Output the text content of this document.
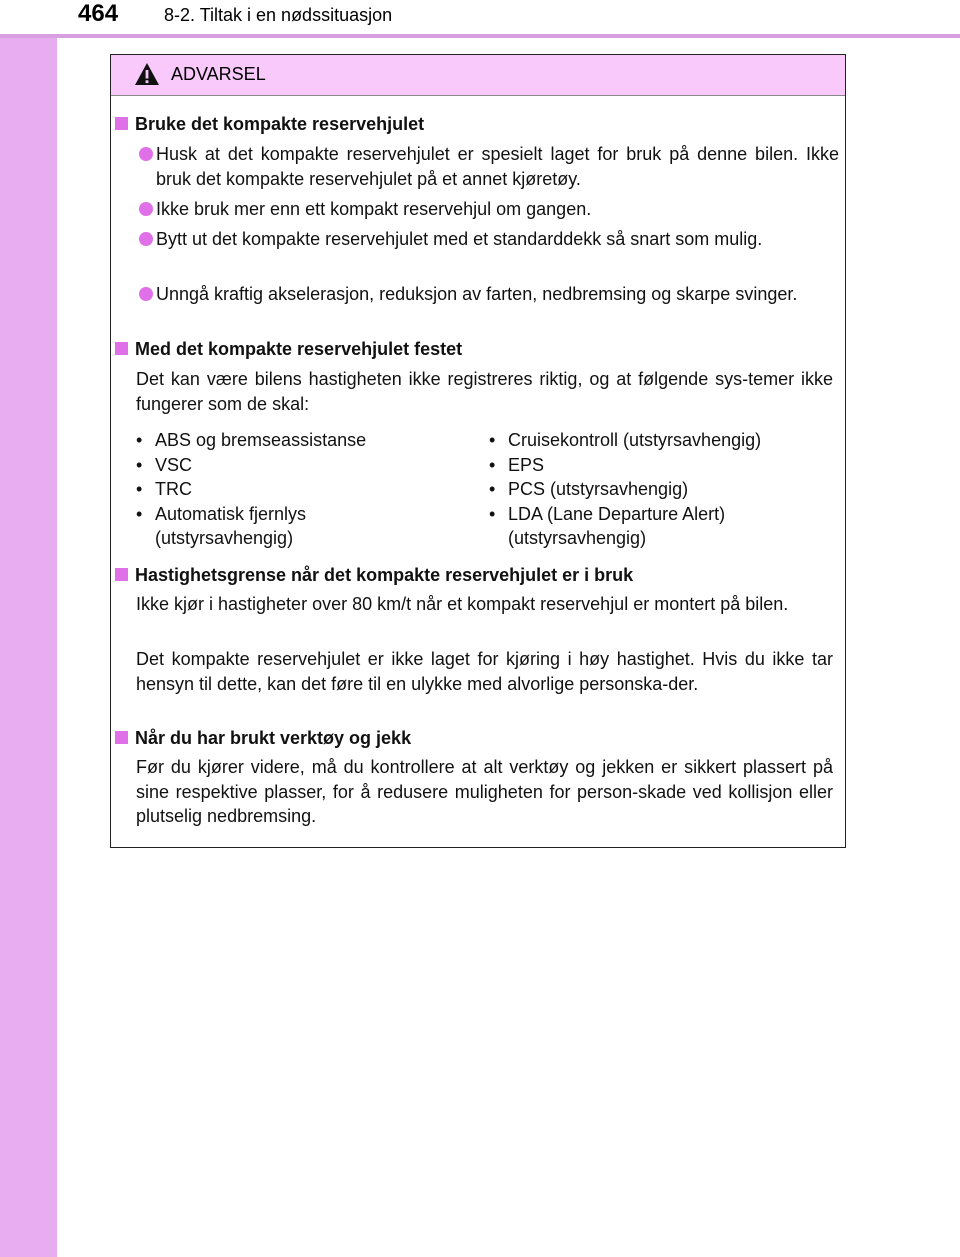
464	8-2. Tiltak i en nødssituasjon
ADVARSEL
Bruke det kompakte reservehjulet
Husk at det kompakte reservehjulet er spesielt laget for bruk på denne bilen. Ikke bruk det kompakte reservehjulet på et annet kjøretøy.
Ikke bruk mer enn ett kompakt reservehjul om gangen.
Bytt ut det kompakte reservehjulet med et standarddekk så snart som mulig.
Unngå kraftig akselerasjon, reduksjon av farten, nedbremsing og skarpe svinger.
Med det kompakte reservehjulet festet
Det kan være bilens hastigheten ikke registreres riktig, og at følgende sys-temer ikke fungerer som de skal:
• ABS og bremseassistanse
• VSC
• TRC
• Automatisk fjernlys (utstyrsavhengig)
• Cruisekontroll (utstyrsavhengig)
• EPS
• PCS (utstyrsavhengig)
• LDA (Lane Departure Alert) (utstyrsavhengig)
Hastighetsgrense når det kompakte reservehjulet er i bruk
Ikke kjør i hastigheter over 80 km/t når et kompakt reservehjul er montert på bilen.
Det kompakte reservehjulet er ikke laget for kjøring i høy hastighet. Hvis du ikke tar hensyn til dette, kan det føre til en ulykke med alvorlige personska-der.
Når du har brukt verktøy og jekk
Før du kjører videre, må du kontrollere at alt verktøy og jekken er sikkert plassert på sine respektive plasser, for å redusere muligheten for person-skade ved kollisjon eller plutselig nedbremsing.
